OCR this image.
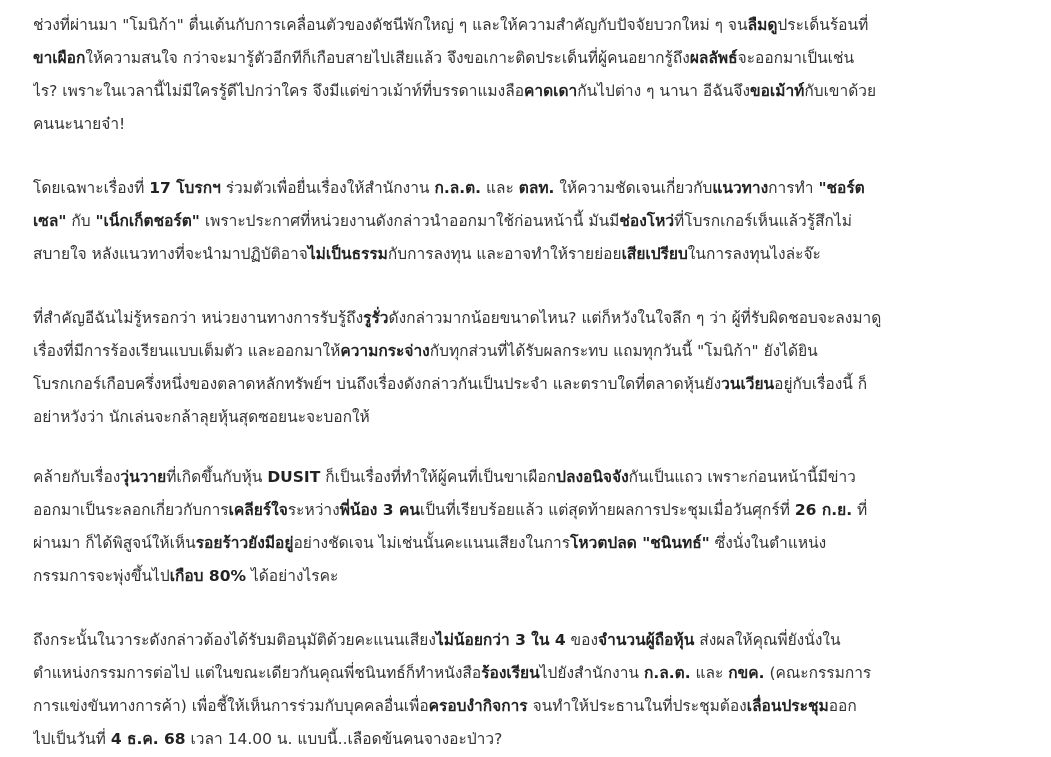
ช่วงที่ผ่านมา "โมนิก้า" ตื่นเต้นกับการเคลื่อนตัวของดัชนีพักใหญ่ ๆ และให้ความสำคัญกับปัจจัยบวกใหม่ ๆ จนลืมดูประเด็นร้อนที่
ขาเผือกให้ความสนใจ กว่าจะมารู้ตัวอีกทีก็เกือบสายไปเสียแล้ว จึงขอเกาะติดประเด็นที่ผู้คนอยากรู้ถึงผลลัพธ์จะออกมาเป็นเช่น
ไร? เพราะในเวลานี้ไม่มีใครรู้ดีไปกว่าใคร จึงมีแต่ข่าวเม้าท์ที่บรรดาแมงลือคาดเดากันไปต่าง ๆ นานา อีฉันจึงขอเม้าท์กับเขาด้วย
คนนะนายจ๋า!
โดยเฉพาะเรื่องที่ 17 โบรกฯ ร่วมตัวเพื่อยื่นเรื่องให้สำนักงาน ก.ล.ต. และ ตลท. ให้ความชัดเจนเกี่ยวกับแนวทางการทำ "ชอร์ต
เซล" กับ "เน็กเก็ตชอร์ต" เพราะประกาศที่หน่วยงานดังกล่าวนำออกมาใช้ก่อนหน้านี้ มันมีช่องโหว่ที่โบรกเกอร์เห็นแล้วรู้สึกไม่
สบายใจ หลังแนวทางที่จะนำมาปฏิบัติอาจไม่เป็นธรรมกับการลงทุน และอาจทำให้รายย่อยเสียเปรียบในการลงทุนไงล่ะจ๊ะ
ที่สำคัญอีฉันไม่รู้หรอกว่า หน่วยงานทางการรับรู้ถึงรูรั่วดังกล่าวมากน้อยขนาดไหน? แต่ก็หวังในใจลึก ๆ ว่า ผู้ที่รับผิดชอบจะลงมาดู
เรื่องที่มีการร้องเรียนแบบเต็มตัว และออกมาให้ความกระจ่างกับทุกส่วนที่ได้รับผลกระทบ แถมทุกวันนี้ "โมนิก้า" ยังได้ยิน
โบรกเกอร์เกือบครึ่งหนึ่งของตลาดหลักทรัพย์ฯ บ่นถึงเรื่องดังกล่าวกันเป็นประจำ และตราบใดที่ตลาดหุ้นยังวนเวียนอยู่กับเรื่องนี้ ก็
อย่าหวังว่า นักเล่นจะกล้าลุยหุ้นสุดซอยนะจะบอกให้
คล้ายกับเรื่องวุ่นวายที่เกิดขึ้นกับหุ้น DUSIT ก็เป็นเรื่องที่ทำให้ผู้คนที่เป็นขาเผือกปลงอนิจจังกันเป็นแถว เพราะก่อนหน้านี้มีข่าว
ออกมาเป็นระลอกเกี่ยวกับการเคลียร์ใจระหว่างพี่น้อง 3 คนเป็นที่เรียบร้อยแล้ว แต่สุดท้ายผลการประชุมเมื่อวันศุกร์ที่ 26 ก.ย. ที่
ผ่านมา ก็ได้พิสูจน์ให้เห็นรอยร้าวยังมีอยู่อย่างชัดเจน ไม่เช่นนั้นคะแนนเสียงในการโหวตปลด "ชนินทธ์" ซึ่งนั่งในตำแหน่ง
กรรมการจะพุ่งขึ้นไปเกือบ 80% ได้อย่างไรคะ
ถึงกระนั้นในวาระดังกล่าวต้องได้รับมติอนุมัติด้วยคะแนนเสียงไม่น้อยกว่า 3 ใน 4 ของจำนวนผู้ถือหุ้น ส่งผลให้คุณพี่ยังนั่งใน
ตำแหน่งกรรมการต่อไป แต่ในขณะเดียวกันคุณพี่ชนินทธ์ก็ทำหนังสือร้องเรียนไปยังสำนักงาน ก.ล.ต. และ กขค. (คณะกรรมการ
การแข่งขันทางการค้า) เพื่อชี้ให้เห็นการร่วมกับบุคคลอื่นเพื่อครอบงำกิจการ จนทำให้ประธานในที่ประชุมต้องเลื่อนประชุมออก
ไปเป็นวันที่ 4 ธ.ค. 68 เวลา 14.00 น. แบบนี้..เลือดข้นคนจางอะป่าว?
